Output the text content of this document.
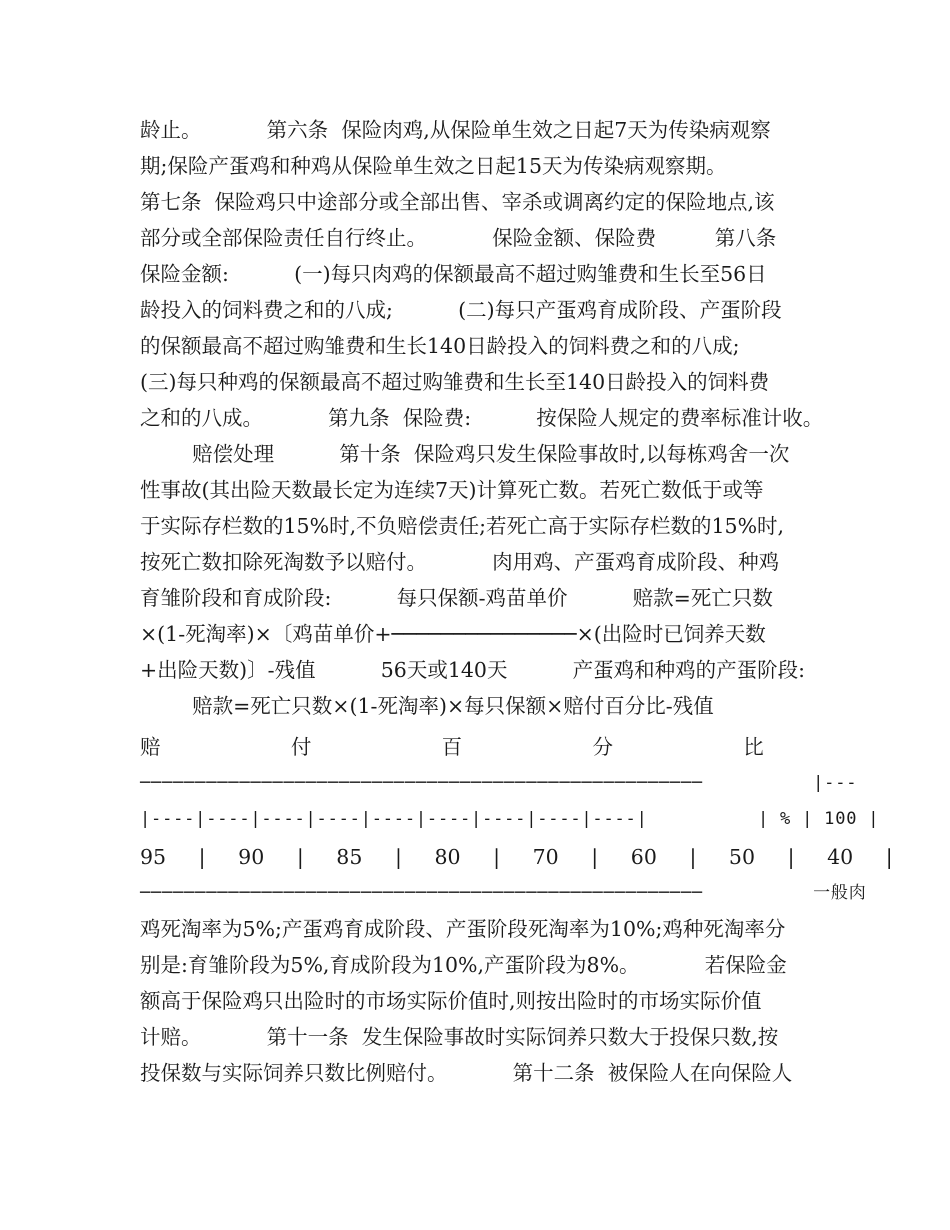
龄止。          第六条  保险肉鸡,从保险单生效之日起7天为传染病观察
期;保险产蛋鸡和种鸡从保险单生效之日起15天为传染病观察期。
第七条  保险鸡只中途部分或全部出售、宰杀或调离约定的保险地点,该
部分或全部保险责任自行终止。          保险金额、保险费         第八条
保险金额:          (一)每只肉鸡的保额最高不超过购雏费和生长至56日
龄投入的饲料费之和的八成;          (二)每只产蛋鸡育成阶段、产蛋阶段
的保额最高不超过购雏费和生长140日龄投入的饲料费之和的八成;
(三)每只种鸡的保额最高不超过购雏费和生长至140日龄投入的饲料费
之和的八成。          第九条  保险费:          按保险人规定的费率标准计收。
赔偿处理          第十条  保险鸡只发生保险事故时,以每栋鸡舍一次
性事故(其出险天数最长定为连续7天)计算死亡数。若死亡数低于或等
于实际存栏数的15%时,不负赔偿责任;若死亡高于实际存栏数的15%时,
按死亡数扣除死淘数予以赔付。          肉用鸡、产蛋鸡育成阶段、种鸡
育雏阶段和育成阶段:          每只保额-鸡苗单价          赔款=死亡只数
×(1-死淘率)×〔鸡苗单价+───────────────×(出险时已饲养天数
+出险天数)〕-残值          56天或140天          产蛋鸡和种鸡的产蛋阶段:
赔款=死亡只数×(1-死淘率)×每只保额×赔付百分比-残值
赔                    付                    百                    分                    比
───────────────────────────────────────────────────          |---
|----|----|----|----|----|----|----|----|----|          | % | 100 |
95     |     90     |     85     |     80     |     70     |     60     |     50     |     40     |
───────────────────────────────────────────────────          一般肉
鸡死淘率为5%;产蛋鸡育成阶段、产蛋阶段死淘率为10%;鸡种死淘率分
别是:育雏阶段为5%,育成阶段为10%,产蛋阶段为8%。          若保险金
额高于保险鸡只出险时的市场实际价值时,则按出险时的市场实际价值
计赔。          第十一条  发生保险事故时实际饲养只数大于投保只数,按
投保数与实际饲养只数比例赔付。          第十二条  被保险人在向保险人
